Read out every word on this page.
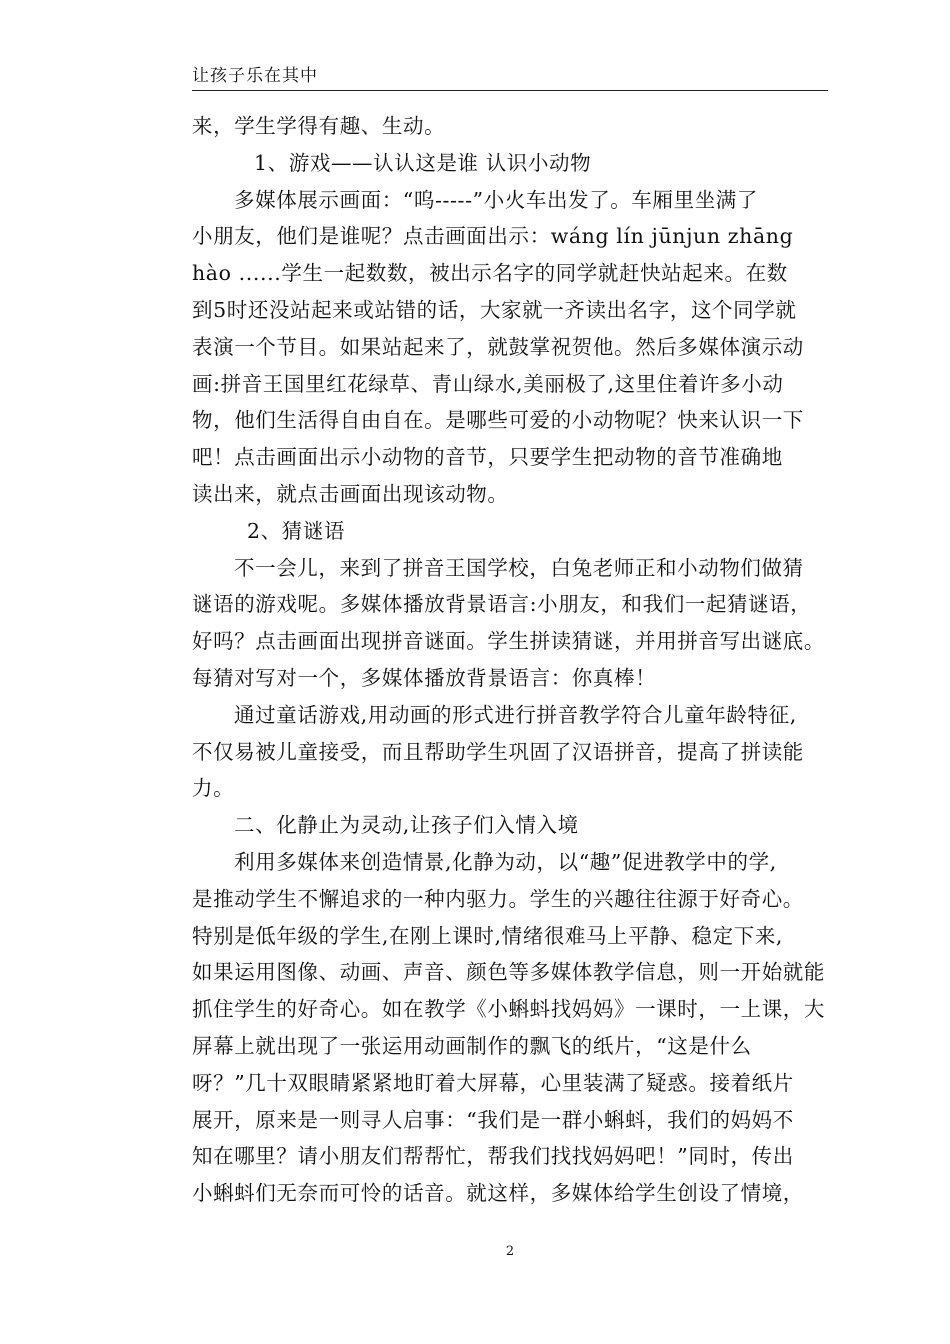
让孩子乐在其中
来，学生学得有趣、生动。
1、游戏——认认这是谁 认识小动物
多媒体展示画面：“呜-----”小火车出发了。车厢里坐满了
小朋友，他们是谁呢？点击画面出示：wáng lín jūnjun zhāng
hào ......学生一起数数，被出示名字的同学就赶快站起来。在数
到5时还没站起来或站错的话，大家就一齐读出名字，这个同学就
表演一个节目。如果站起来了，就鼓掌祝贺他。然后多媒体演示动
画:拼音王国里红花绿草、青山绿水,美丽极了,这里住着许多小动
物，他们生活得自由自在。是哪些可爱的小动物呢？快来认识一下
吧！点击画面出示小动物的音节，只要学生把动物的音节准确地
读出来，就点击画面出现该动物。
2、猜谜语
不一会儿，来到了拼音王国学校，白兔老师正和小动物们做猜
谜语的游戏呢。多媒体播放背景语言:小朋友，和我们一起猜谜语，
好吗？点击画面出现拼音谜面。学生拼读猜谜，并用拼音写出谜底。
每猜对写对一个，多媒体播放背景语言：你真棒！
通过童话游戏,用动画的形式进行拼音教学符合儿童年龄特征,
不仅易被儿童接受，而且帮助学生巩固了汉语拼音，提高了拼读能
力。
二、化静止为灵动,让孩子们入情入境
利用多媒体来创造情景,化静为动，以“趣”促进教学中的学,
是推动学生不懈追求的一种内驱力。学生的兴趣往往源于好奇心。
特别是低年级的学生,在刚上课时,情绪很难马上平静、稳定下来,
如果运用图像、动画、声音、颜色等多媒体教学信息，则一开始就能
抓住学生的好奇心。如在教学《小蝌蚪找妈妈》一课时，一上课，大
屏幕上就出现了一张运用动画制作的飘飞的纸片，“这是什么
呀？”几十双眼睛紧紧地盯着大屏幕，心里装满了疑惑。接着纸片
展开，原来是一则寻人启事：“我们是一群小蝌蚪，我们的妈妈不
知在哪里？请小朋友们帮帮忙，帮我们找找妈妈吧！”同时，传出
小蝌蚪们无奈而可怜的话音。就这样，多媒体给学生创设了情境，
2
